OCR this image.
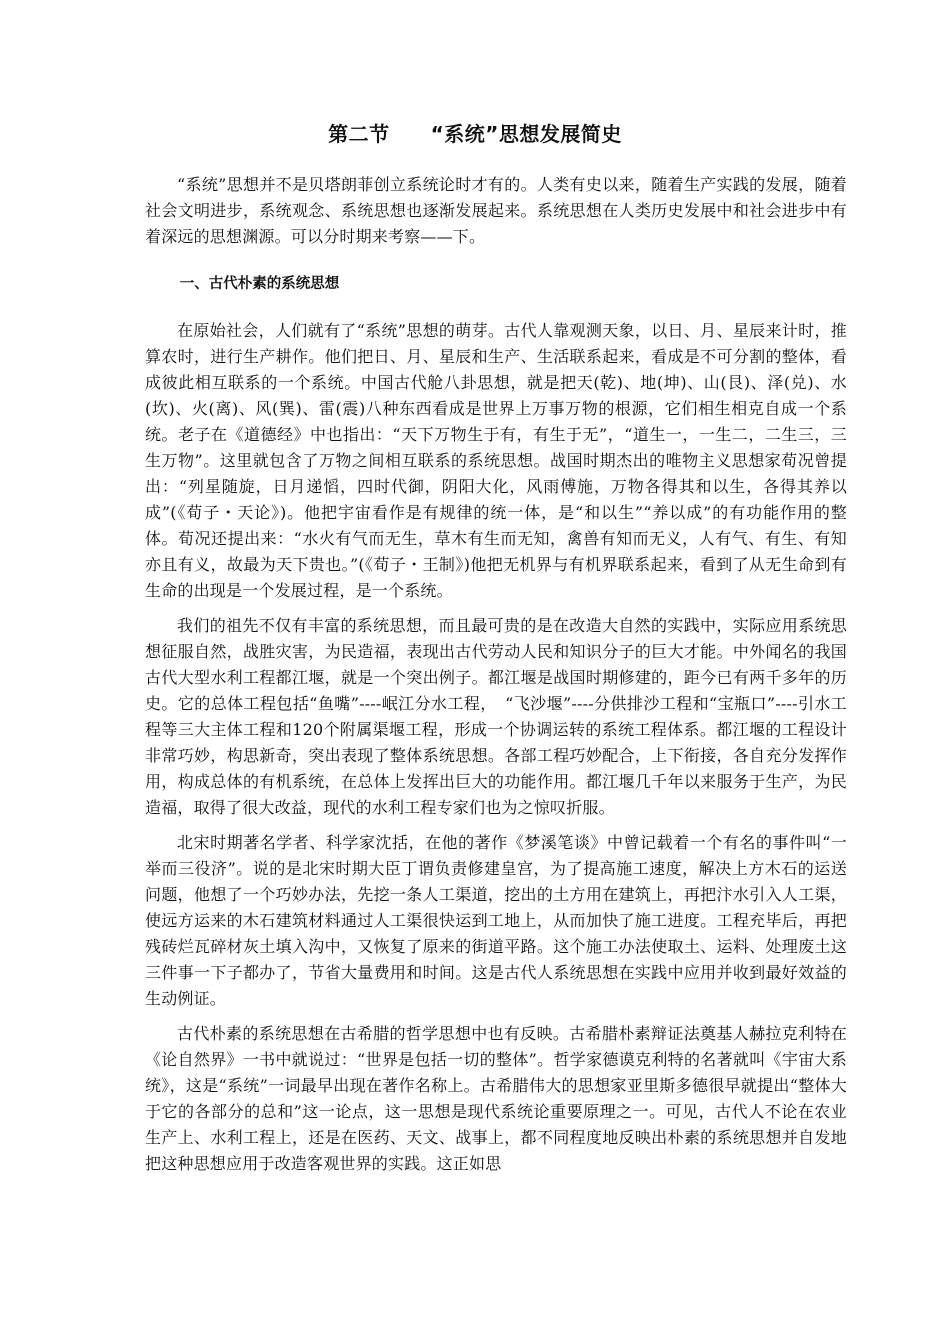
第二节　　“系统”思想发展简史

“系统”思想并不是贝塔朗菲创立系统论时才有的。人类有史以来，随着生产实践的发展，随着社会文明进步，系统观念、系统思想也逐渐发展起来。系统思想在人类历史发展中和社会进步中有着深远的思想渊源。可以分时期来考察——下。

一、古代朴素的系统思想

在原始社会，人们就有了“系统”思想的萌芽。古代人靠观测天象，以日、月、星辰来计时，推算农时，进行生产耕作。他们把日、月、星辰和生产、生活联系起来，看成是不可分割的整体，看成彼此相互联系的一个系统。中国古代舱八卦思想，就是把天(乾)、地(坤)、山(艮)、泽(兑)、水(坎)、火(离)、风(巽)、雷(震)八种东西看成是世界上万事万物的根源，它们相生相克自成一个系统。老子在《道德经》中也指出：“天下万物生于有，有生于无”，“道生一，一生二，二生三，三生万物”。这里就包含了万物之间相互联系的系统思想。战国时期杰出的唯物主义思想家荀况曾提出：“列星随旋，日月递慆，四时代御，阴阳大化，风雨傅施，万物各得其和以生，各得其养以成”(《荀子・天论》)。他把宇宙看作是有规律的统一体，是“和以生”“养以成”的有功能作用的整体。荀况还提出来：“水火有气而无生，草木有生而无知，禽兽有知而无义，人有气、有生、有知亦且有义，故最为天下贵也。”(《荀子・王制》)他把无机界与有机界联系起来，看到了从无生命到有生命的出现是一个发展过程，是一个系统。

我们的祖先不仅有丰富的系统思想，而且最可贵的是在改造大自然的实践中，实际应用系统思想征服自然，战胜灾害，为民造福，表现出古代劳动人民和知识分子的巨大才能。中外闻名的我国古代大型水利工程都江堰，就是一个突出例子。都江堰是战国时期修建的，距今已有两千多年的历史。它的总体工程包括“鱼嘴”----岷江分水工程，　“飞沙堰”----分供排沙工程和“宝瓶口”----引水工程等三大主体工程和120个附属渠堰工程，形成一个协调运转的系统工程体系。都江堰的工程设计非常巧妙，构思新奇，突出表现了整体系统思想。各部工程巧妙配合，上下衔接，各自充分发挥作用，构成总体的有机系统，在总体上发挥出巨大的功能作用。都江堰几千年以来服务于生产，为民造福，取得了很大改益，现代的水利工程专家们也为之惊叹折服。

北宋时期著名学者、科学家沈括，在他的著作《梦溪笔谈》中曾记载着一个有名的事件叫“一举而三役济”。说的是北宋时期大臣丁谓负责修建皇宫，为了提高施工速度，解决上方木石的运送问题，他想了一个巧妙办法，先挖一条人工渠道，挖出的土方用在建筑上，再把汴水引入人工渠，使远方运来的木石建筑材料通过人工渠很快运到工地上，从而加快了施工进度。工程充毕后，再把残砖烂瓦碎材灰土填入沟中，又恢复了原来的街道平路。这个施工办法使取土、运料、处理废土这三件事一下子都办了，节省大量费用和时间。这是古代人系统思想在实践中应用并收到最好效益的生动例证。

古代朴素的系统思想在古希腊的哲学思想中也有反映。古希腊朴素辩证法奠基人赫拉克利特在《论自然界》一书中就说过：“世界是包括一切的整体”。哲学家德谟克利特的名著就叫《宇宙大系统》，这是“系统”一词最早出现在著作名称上。古希腊伟大的思想家亚里斯多德很早就提出“整体大于它的各部分的总和”这一论点，这一思想是现代系统论重要原理之一。可见，古代人不论在农业生产上、水利工程上，还是在医药、天文、战事上，都不同程度地反映出朴素的系统思想并自发地把这种思想应用于改造客观世界的实践。这正如思
